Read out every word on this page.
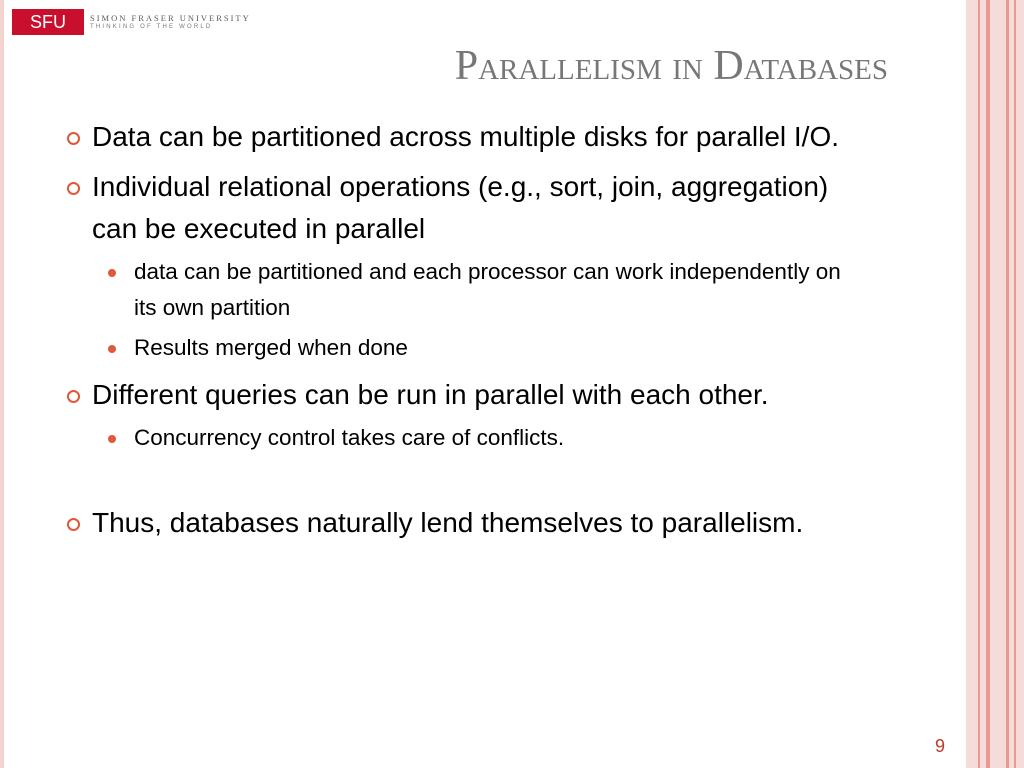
SFU	SIMON FRASER UNIVERSITY
THINKING OF THE WORLD
Parallelism in Databases
Data can be partitioned across multiple disks for parallel I/O.
Individual relational operations (e.g., sort, join, aggregation) can be executed in parallel
data can be partitioned and each processor can work independently on its own partition
Results merged when done
Different queries can be run in parallel with each other.
Concurrency control takes care of conflicts.
Thus, databases naturally lend themselves to parallelism.
9
